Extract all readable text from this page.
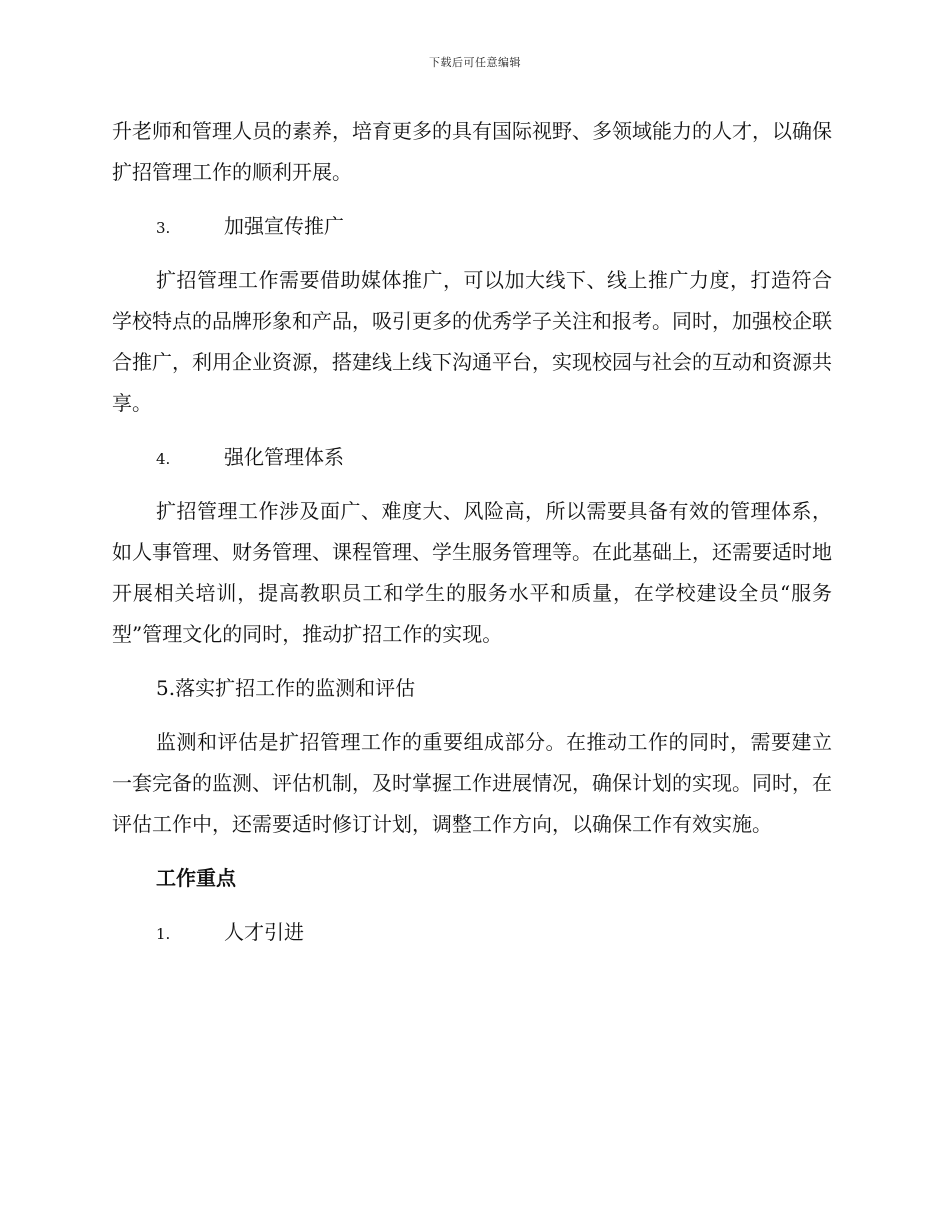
下载后可任意编辑

升老师和管理人员的素养，培育更多的具有国际视野、多领域能力的人才，以确保扩招管理工作的顺利开展。

3.	加强宣传推广

扩招管理工作需要借助媒体推广，可以加大线下、线上推广力度，打造符合学校特点的品牌形象和产品，吸引更多的优秀学子关注和报考。同时，加强校企联合推广，利用企业资源，搭建线上线下沟通平台，实现校园与社会的互动和资源共享。

4.	强化管理体系

扩招管理工作涉及面广、难度大、风险高，所以需要具备有效的管理体系，如人事管理、财务管理、课程管理、学生服务管理等。在此基础上，还需要适时地开展相关培训，提高教职员工和学生的服务水平和质量，在学校建设全员“服务型”管理文化的同时，推动扩招工作的实现。

5.落实扩招工作的监测和评估

监测和评估是扩招管理工作的重要组成部分。在推动工作的同时，需要建立一套完备的监测、评估机制，及时掌握工作进展情况，确保计划的实现。同时，在评估工作中，还需要适时修订计划，调整工作方向，以确保工作有效实施。

工作重点
1.	人才引进
